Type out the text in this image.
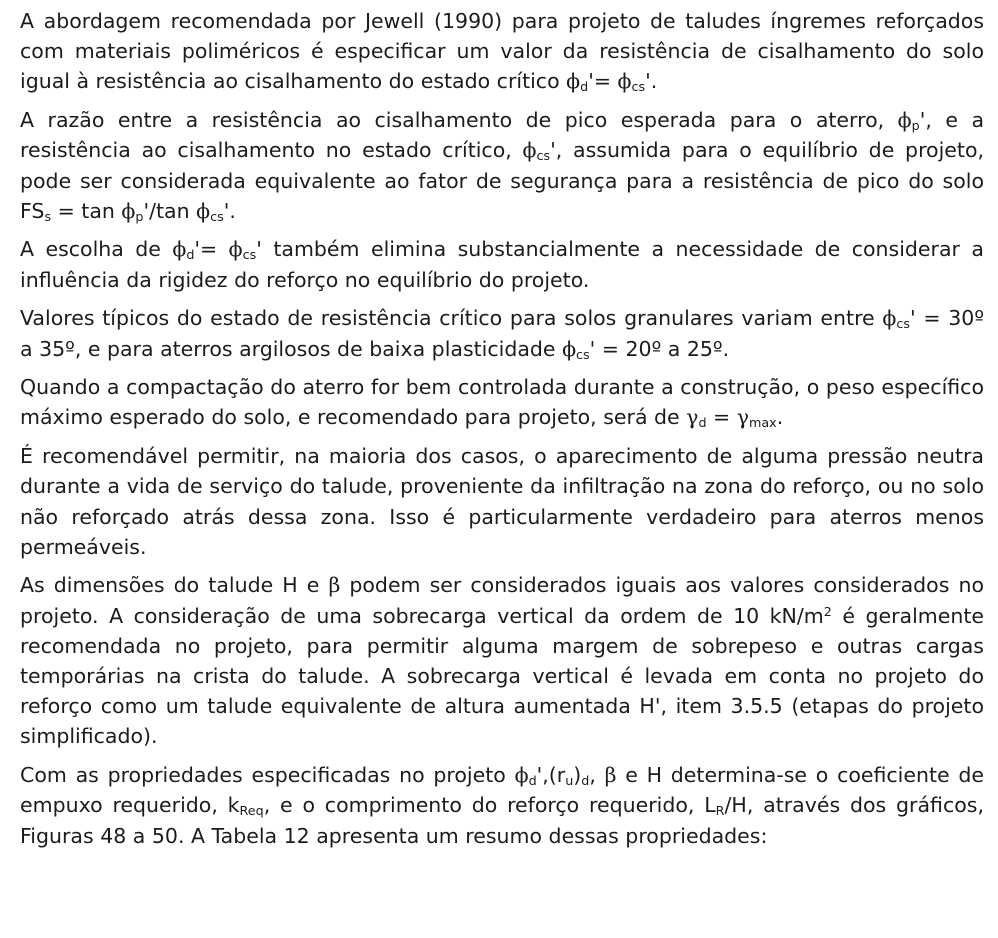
A abordagem recomendada por Jewell (1990) para projeto de taludes íngremes reforçados com materiais poliméricos é especificar um valor da resistência de cisalhamento do solo igual à resistência ao cisalhamento do estado crítico $\phi_d'= \phi_{cs}'$.

A razão entre a resistência ao cisalhamento de pico esperada para o aterro, $\phi_p'$, e a resistência ao cisalhamento no estado crítico, $\phi_{cs}'$, assumida para o equilíbrio de projeto, pode ser considerada equivalente ao fator de segurança para a resistência de pico do solo $FS_s = \tan \phi_p'/\tan$ $\phi_{cs}'$.

A escolha de $\phi_d'= \phi_{cs}'$ também elimina substancialmente a necessidade de considerar a influência da rigidez do reforço no equilíbrio do projeto.

Valores típicos do estado de resistência crítico para solos granulares variam entre $\phi_{cs}'$ = 30º a 35º, e para aterros argilosos de baixa plasticidade $\phi_{cs}'$ = 20º a 25º.

Quando a compactação do aterro for bem controlada durante a construção, o peso específico máximo esperado do solo, e recomendado para projeto, será de $\gamma_d = \gamma_{max}$.

É recomendável permitir, na maioria dos casos, o aparecimento de alguma pressão neutra durante a vida de serviço do talude, proveniente da infiltração na zona do reforço, ou no solo não reforçado atrás dessa zona. Isso é particularmente verdadeiro para aterros menos permeáveis.

As dimensões do talude H e β podem ser considerados iguais aos valores considerados no projeto. A consideração de uma sobrecarga vertical da ordem de 10 $kN/m^2$ é geralmente recomendada no projeto, para permitir alguma margem de sobrepeso e outras cargas temporárias na crista do talude. A sobrecarga vertical é levada em conta no projeto do reforço como um talude equivalente de altura aumentada H', item 3.5.5 (etapas do projeto simplificado).

Com as propriedades especificadas no projeto $\phi_d',(r_u)_d$, β e H determina-se o coeficiente de empuxo requerido, $k_{Req}$, e o comprimento do reforço requerido, $L_R/H$, através dos gráficos, Figuras 48 a 50. A Tabela 12 apresenta um resumo dessas propriedades:
